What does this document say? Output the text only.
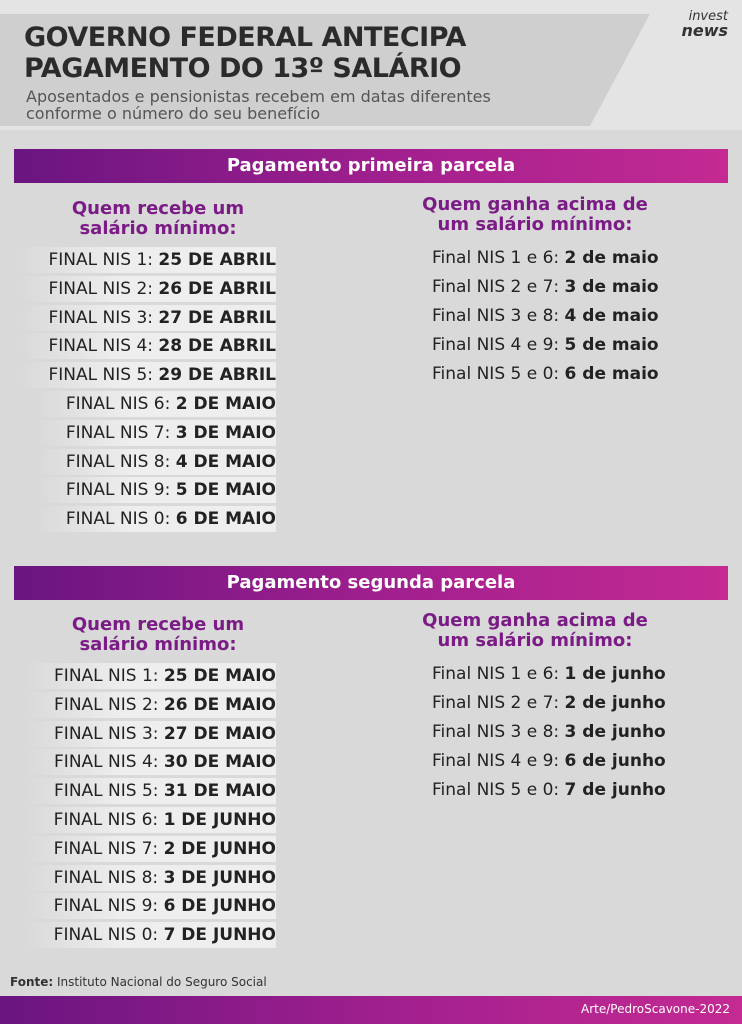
GOVERNO FEDERAL ANTECIPA
PAGAMENTO DO 13º SALÁRIO
Aposentados e pensionistas recebem em datas diferentes
conforme o número do seu benefício
invest
news
Pagamento primeira parcela
Quem recebe um
salário mínimo:
Quem ganha acima de
um salário mínimo:
FINAL NIS 1: 25 DE ABRIL
FINAL NIS 2: 26 DE ABRIL
FINAL NIS 3: 27 DE ABRIL
FINAL NIS 4: 28 DE ABRIL
FINAL NIS 5: 29 DE ABRIL
FINAL NIS 6: 2 DE MAIO
FINAL NIS 7: 3 DE MAIO
FINAL NIS 8: 4 DE MAIO
FINAL NIS 9: 5 DE MAIO
FINAL NIS 0: 6 DE MAIO
Final NIS 1 e 6: 2 de maio
Final NIS 2 e 7: 3 de maio
Final NIS 3 e 8: 4 de maio
Final NIS 4 e 9: 5 de maio
Final NIS 5 e 0: 6 de maio
Pagamento segunda parcela
Quem recebe um
salário mínimo:
Quem ganha acima de
um salário mínimo:
FINAL NIS 1: 25 DE MAIO
FINAL NIS 2: 26 DE MAIO
FINAL NIS 3: 27 DE MAIO
FINAL NIS 4: 30 DE MAIO
FINAL NIS 5: 31 DE MAIO
FINAL NIS 6: 1 DE JUNHO
FINAL NIS 7: 2 DE JUNHO
FINAL NIS 8: 3 DE JUNHO
FINAL NIS 9: 6 DE JUNHO
FINAL NIS 0: 7 DE JUNHO
Final NIS 1 e 6: 1 de junho
Final NIS 2 e 7: 2 de junho
Final NIS 3 e 8: 3 de junho
Final NIS 4 e 9: 6 de junho
Final NIS 5 e 0: 7 de junho
Fonte: Instituto Nacional do Seguro Social
Arte/PedroScavone-2022
